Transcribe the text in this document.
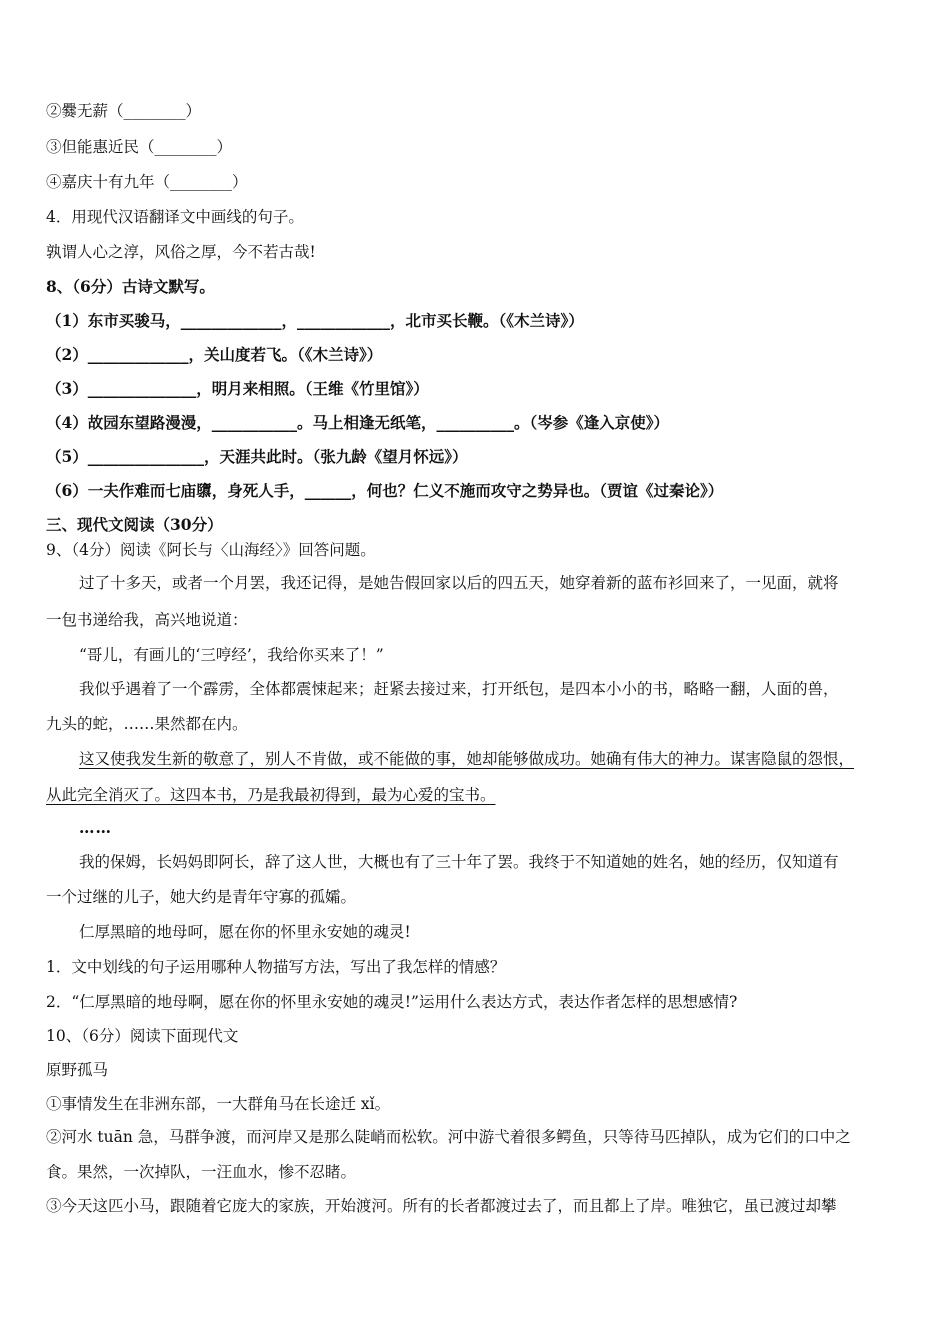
②爨无薪（________）
③但能惠近民（________）
④嘉庆十有九年（________）
4．用现代汉语翻译文中画线的句子。
孰谓人心之淳，风俗之厚，今不若古哉!
8、（6分）古诗文默写。
（1）东市买骏马，_____________，____________，北市买长鞭。（《木兰诗》）
（2）_____________，关山度若飞。（《木兰诗》）
（3）______________，明月来相照。（王维《竹里馆》）
（4）故园东望路漫漫，___________。马上相逢无纸笔，__________。（岑参《逢入京使》）
（5）_______________，天涯共此时。（张九龄《望月怀远》）
（6）一夫作难而七庙隳，身死人手，______，何也？仁义不施而攻守之势异也。（贾谊《过秦论》）
三、现代文阅读（30分）
9、（4分）阅读《阿长与〈山海经〉》回答问题。
过了十多天，或者一个月罢，我还记得，是她告假回家以后的四五天，她穿着新的蓝布衫回来了，一见面，就将
一包书递给我，高兴地说道：
“哥儿，有画儿的‘三哼经’，我给你买来了！”
我似乎遇着了一个霹雳，全体都震悚起来；赶紧去接过来，打开纸包，是四本小小的书，略略一翻，人面的兽，
九头的蛇，……果然都在内。
这又使我发生新的敬意了，别人不肯做，或不能做的事，她却能够做成功。她确有伟大的神力。谋害隐鼠的怨恨，
从此完全消灭了。这四本书，乃是我最初得到，最为心爱的宝书。
……
我的保姆，长妈妈即阿长，辞了这人世，大概也有了三十年了罢。我终于不知道她的姓名，她的经历，仅知道有
一个过继的儿子，她大约是青年守寡的孤孀。
仁厚黑暗的地母呵，愿在你的怀里永安她的魂灵!
1．文中划线的句子运用哪种人物描写方法，写出了我怎样的情感？
2．“仁厚黑暗的地母啊，愿在你的怀里永安她的魂灵!”运用什么表达方式，表达作者怎样的思想感情?
10、（6分）阅读下面现代文
原野孤马
①事情发生在非洲东部，一大群角马在长途迁 xǐ。
②河水 tuān 急，马群争渡，而河岸又是那么陡峭而松软。河中游弋着很多鳄鱼，只等待马匹掉队，成为它们的口中之
食。果然，一次掉队，一汪血水，惨不忍睹。
③今天这匹小马，跟随着它庞大的家族，开始渡河。所有的长者都渡过去了，而且都上了岸。唯独它，虽已渡过却攀
